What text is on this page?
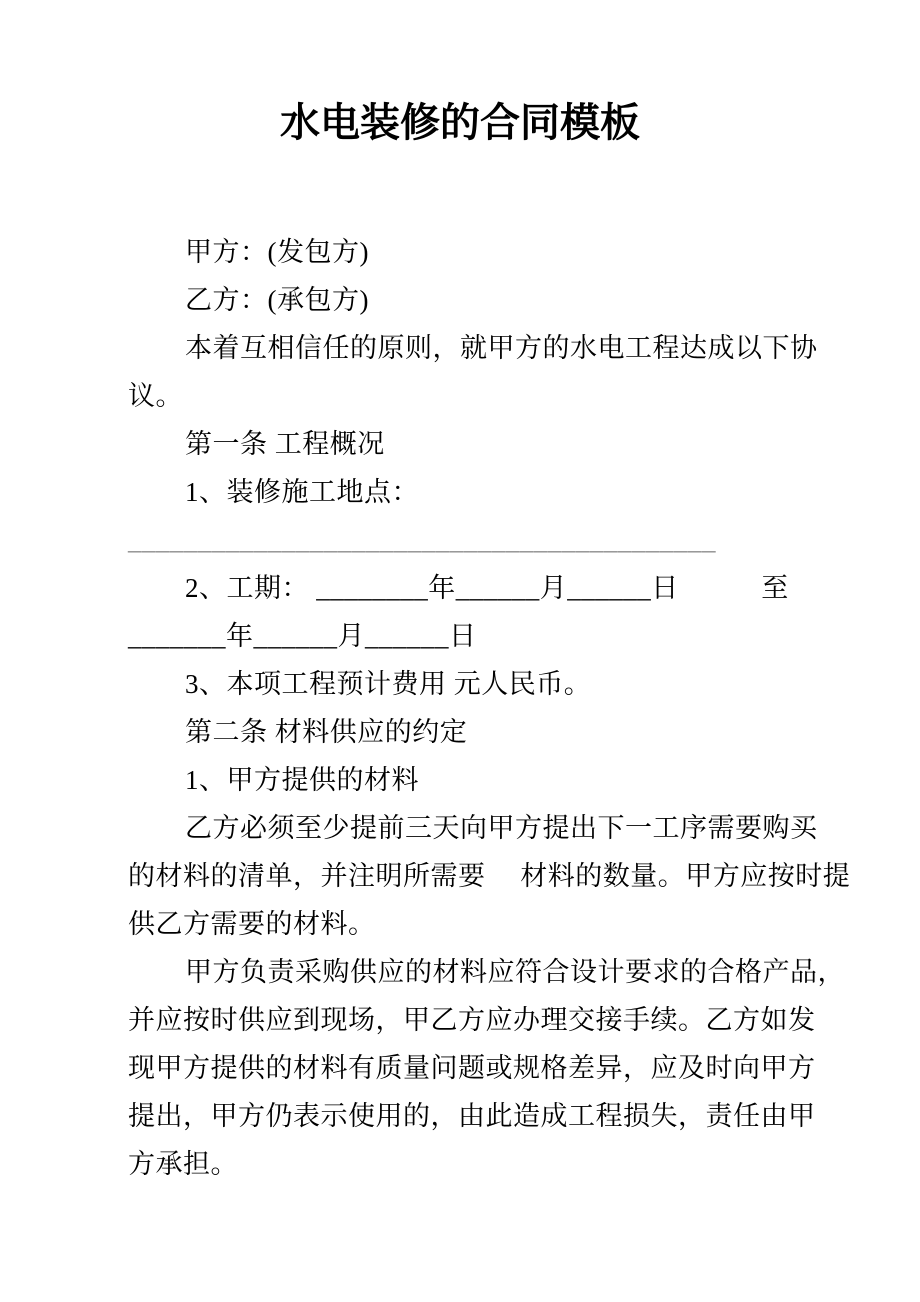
水电装修的合同模板
甲方：(发包方)
乙方：(承包方)
本着互相信任的原则，就甲方的水电工程达成以下协
议。
第一条 工程概况
1、装修施工地点：
__________________________________________
2、工期： ________年______月______日　　　至
_______年______月______日
3、本项工程预计费用 元人民币。
第二条 材料供应的约定
1、甲方提供的材料
乙方必须至少提前三天向甲方提出下一工序需要购买
的材料的清单，并注明所需要　 材料的数量。甲方应按时提
供乙方需要的材料。
甲方负责采购供应的材料应符合设计要求的合格产品，
并应按时供应到现场，甲乙方应办理交接手续。乙方如发
现甲方提供的材料有质量问题或规格差异，应及时向甲方
提出，甲方仍表示使用的，由此造成工程损失，责任由甲
方承担。
